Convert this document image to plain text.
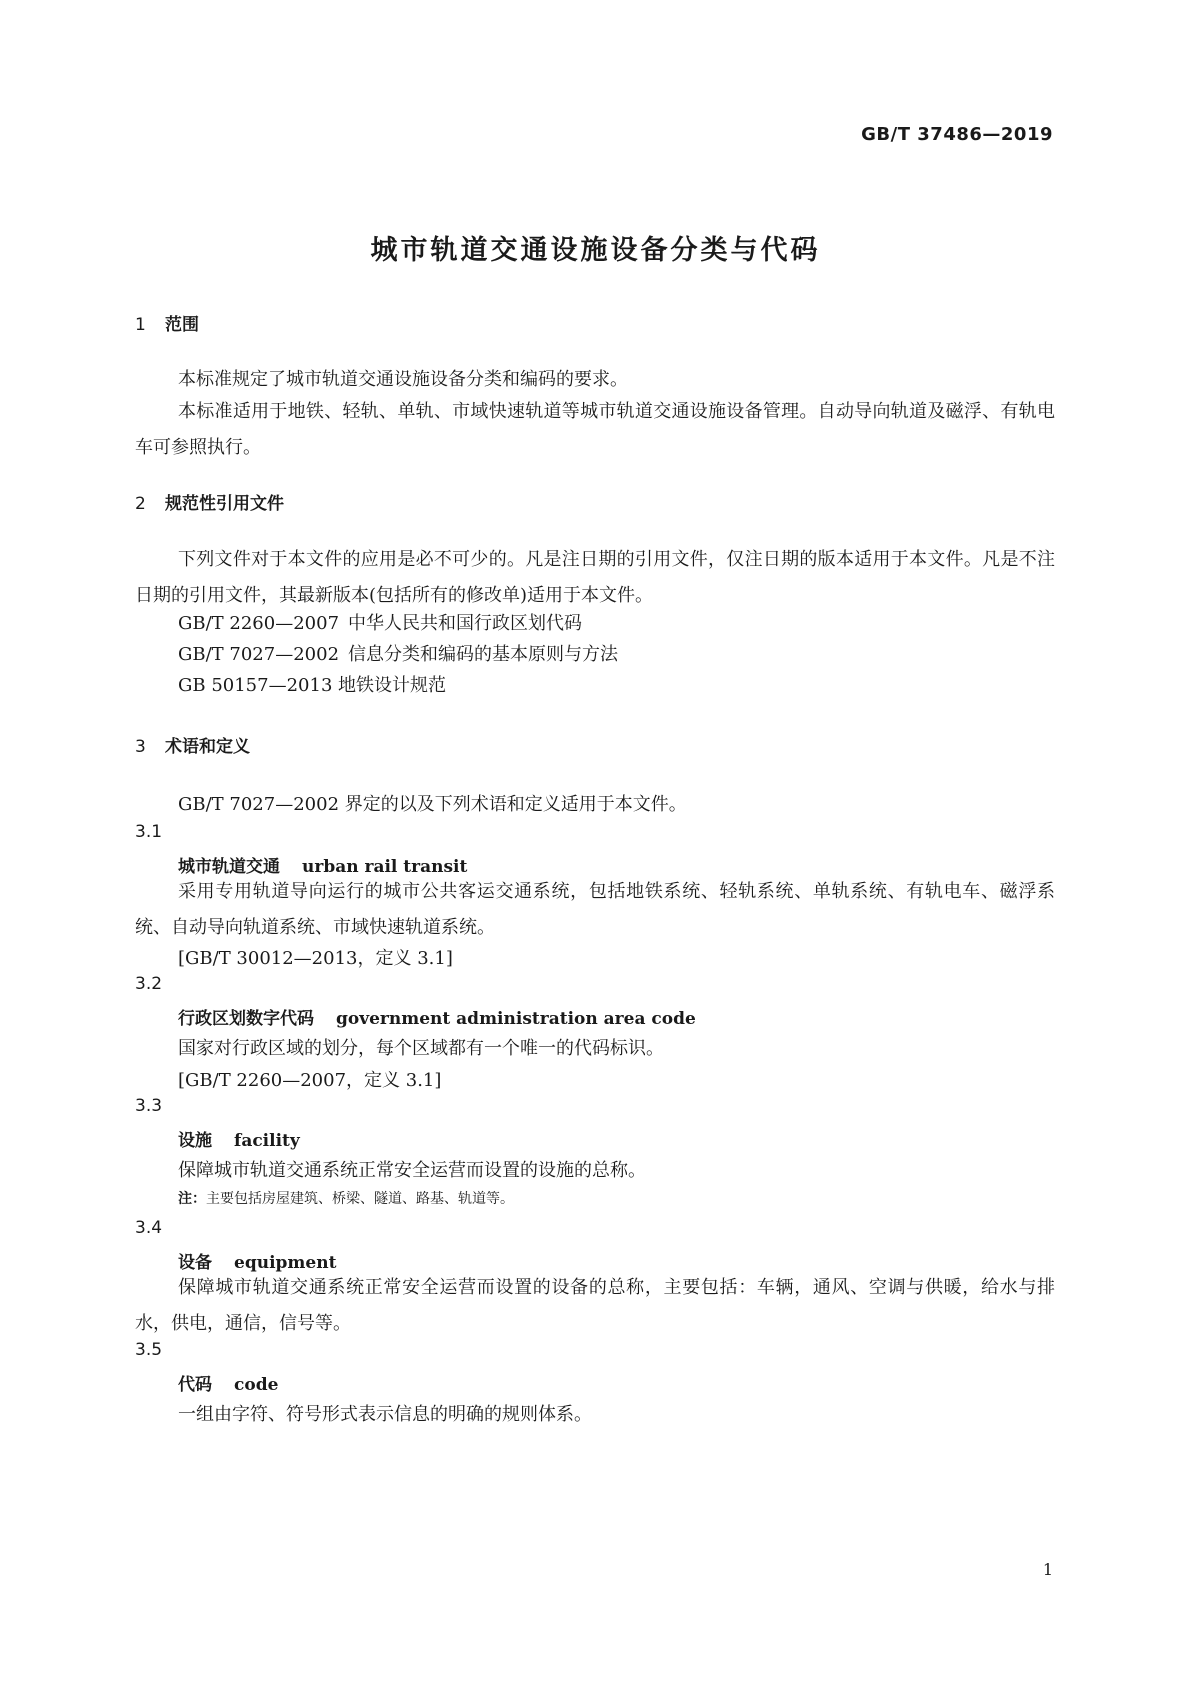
GB/T 37486—2019
城市轨道交通设施设备分类与代码
1 范围
本标准规定了城市轨道交通设施设备分类和编码的要求。
本标准适用于地铁、轻轨、单轨、市域快速轨道等城市轨道交通设施设备管理。自动导向轨道及磁浮、有轨电车可参照执行。
2 规范性引用文件
下列文件对于本文件的应用是必不可少的。凡是注日期的引用文件，仅注日期的版本适用于本文件。凡是不注日期的引用文件，其最新版本(包括所有的修改单)适用于本文件。
GB/T 2260—2007 中华人民共和国行政区划代码
GB/T 7027—2002 信息分类和编码的基本原则与方法
GB 50157—2013 地铁设计规范
3 术语和定义
GB/T 7027—2002 界定的以及下列术语和定义适用于本文件。
3.1
城市轨道交通 urban rail transit
采用专用轨道导向运行的城市公共客运交通系统，包括地铁系统、轻轨系统、单轨系统、有轨电车、磁浮系统、自动导向轨道系统、市域快速轨道系统。
[GB/T 30012—2013，定义 3.1]
3.2
行政区划数字代码 government administration area code
国家对行政区域的划分，每个区域都有一个唯一的代码标识。
[GB/T 2260—2007，定义 3.1]
3.3
设施 facility
保障城市轨道交通系统正常安全运营而设置的设施的总称。
注：主要包括房屋建筑、桥梁、隧道、路基、轨道等。
3.4
设备 equipment
保障城市轨道交通系统正常安全运营而设置的设备的总称，主要包括：车辆，通风、空调与供暖，给水与排水，供电，通信，信号等。
3.5
代码 code
一组由字符、符号形式表示信息的明确的规则体系。
1
